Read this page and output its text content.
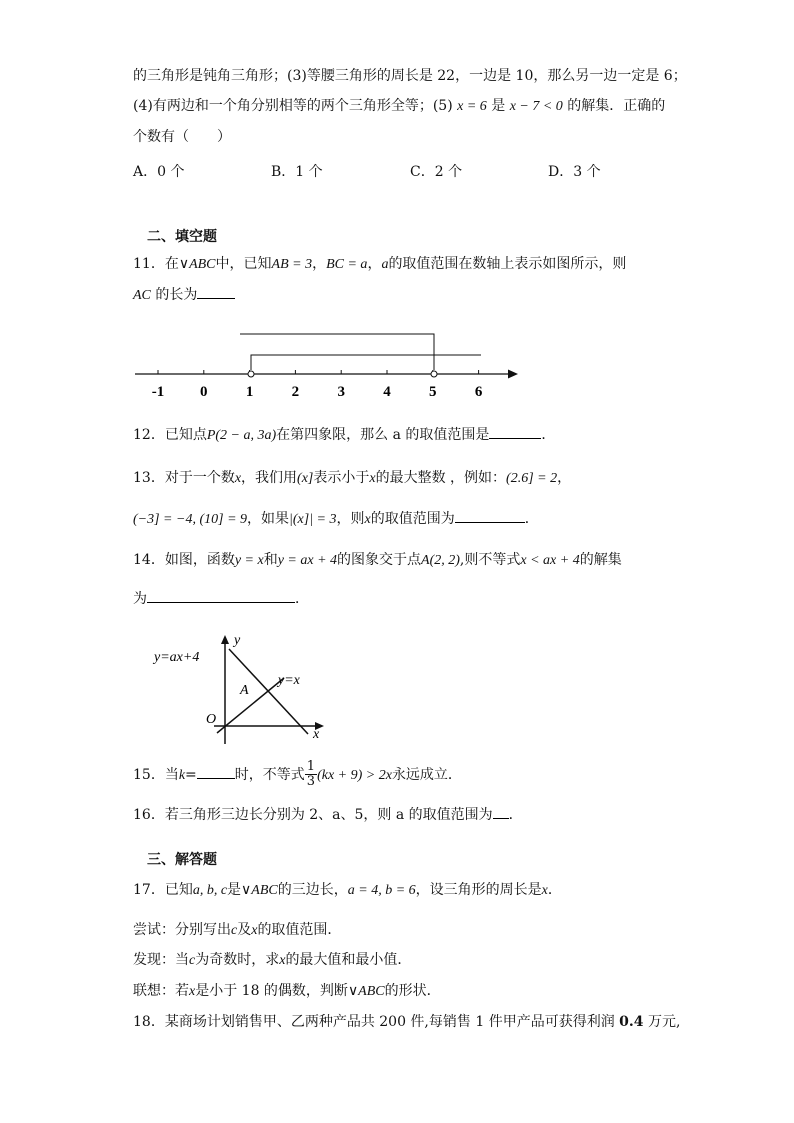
的三角形是钝角三角形；(3)等腰三角形的周长是 22，一边是 10，那么另一边一定是 6；
(4)有两边和一个角分别相等的两个三角形全等；(5) x = 6 是 x − 7 < 0 的解集．正确的
个数有（　　）
A．0 个	B．1 个	C．2 个	D．3 个
二、填空题
11．在∨ABC中，已知AB = 3，BC = a，a的取值范围在数轴上表示如图所示，则
AC 的长为
-1 0	1	2	3	4	5	6
12．已知点P(2 − a, 3a)在第四象限，那么 a 的取值范围是	．
13．对于一个数x，我们用(x]表示小于x的最大整数 ，例如：(2.6] = 2，
(−3] = −4, (10] = 9，如果|(x]| = 3，则x的取值范围为	．
14．如图，函数y = x和y = ax + 4的图象交于点A(2, 2),则不等式x < ax + 4的解集
为	．
y=ax+4
y
y=x
A
O
x
15．当k=	时，不等式 $\frac{1}{3} (kx + 9) > 2x$永远成立．
16．若三角形三边长分别为 2、a、5，则 a 的取值范围为 ．
三、解答题
17．已知a, b, c是∨ABC的三边长，a = 4, b = 6，设三角形的周长是x．
尝试：分别写出c及x的取值范围．
发现：当c为奇数时，求x的最大值和最小值．
联想：若x是小于 18 的偶数，判断∨ABC的形状．
18．某商场计划销售甲、乙两种产品共 200 件,每销售 1 件甲产品可获得利润 0.4 万元,
